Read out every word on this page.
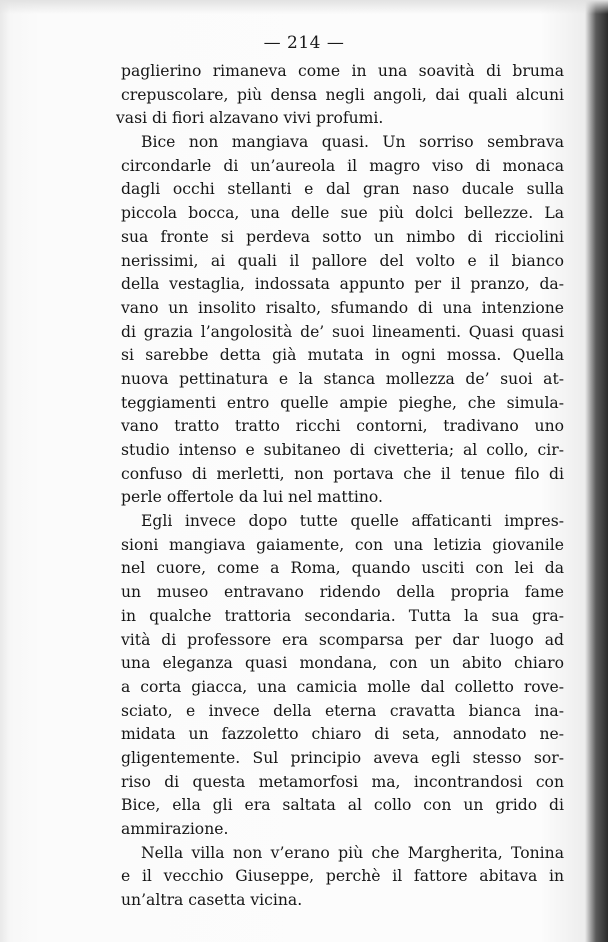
— 214 —
paglierino rimaneva come in una soavità di bruma
crepuscolare, più densa negli angoli, dai quali alcuni
vasi di fiori alzavano vivi profumi.
Bice non mangiava quasi. Un sorriso sembrava
circondarle di un’aureola il magro viso di monaca
dagli occhi stellanti e dal gran naso ducale sulla
piccola bocca, una delle sue più dolci bellezze. La
sua fronte si perdeva sotto un nimbo di ricciolini
nerissimi, ai quali il pallore del volto e il bianco
della vestaglia, indossata appunto per il pranzo, da-
vano un insolito risalto, sfumando di una intenzione
di grazia l’angolosità de’ suoi lineamenti. Quasi quasi
si sarebbe detta già mutata in ogni mossa. Quella
nuova pettinatura e la stanca mollezza de’ suoi at-
teggiamenti entro quelle ampie pieghe, che simula-
vano tratto tratto ricchi contorni, tradivano uno
studio intenso e subitaneo di civetteria; al collo, cir-
confuso di merletti, non portava che il tenue filo di
perle offertole da lui nel mattino.
Egli invece dopo tutte quelle affaticanti impres-
sioni mangiava gaiamente, con una letizia giovanile
nel cuore, come a Roma, quando usciti con lei da
un museo entravano ridendo della propria fame
in qualche trattoria secondaria. Tutta la sua gra-
vità di professore era scomparsa per dar luogo ad
una eleganza quasi mondana, con un abito chiaro
a corta giacca, una camicia molle dal colletto rove-
sciato, e invece della eterna cravatta bianca ina-
midata un fazzoletto chiaro di seta, annodato ne-
gligentemente. Sul principio aveva egli stesso sor-
riso di questa metamorfosi ma, incontrandosi con
Bice, ella gli era saltata al collo con un grido di
ammirazione.
Nella villa non v’erano più che Margherita, Tonina
e il vecchio Giuseppe, perchè il fattore abitava in
un’altra casetta vicina.
